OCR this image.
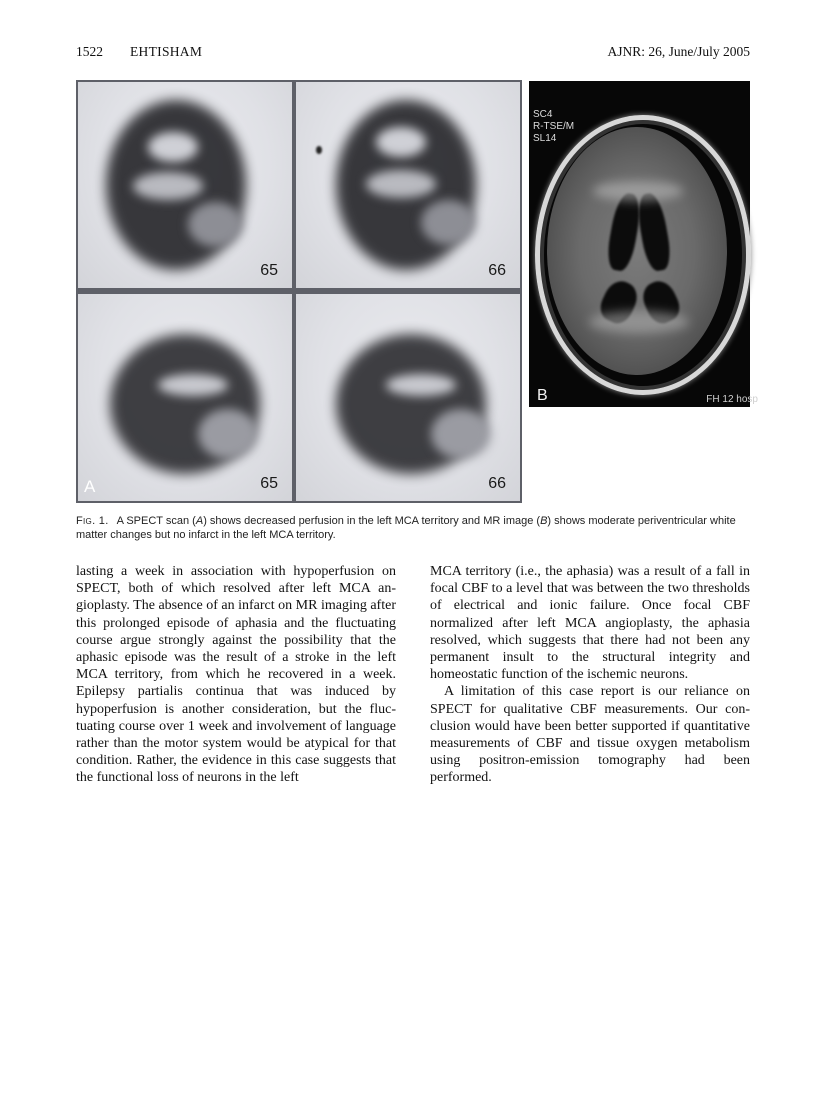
1522 EHTISHAM	AJNR: 26, June/July 2005
65	66
65
A	66
SC4
R-TSE/M
SL14
B	FH 12 hosp
Fig. 1. A SPECT scan (A) shows decreased perfusion in the left MCA territory and MR image (B) shows moderate periventricular white matter changes but no infarct in the left MCA territory.

lasting a week in association with hypoperfusion on SPECT, both of which resolved after left MCA angioplasty. The absence of an infarct on MR imaging after this prolonged episode of aphasia and the fluctuating course argue strongly against the possibility that the aphasic episode was the result of a stroke in the left MCA territory, from which he recovered in a week. Epilepsy partialis continua that was induced by hypoperfusion is another consideration, but the fluctuating course over 1 week and involvement of language rather than the motor system would be atypical for that condition. Rather, the evidence in this case suggests that the functional loss of neurons in the left

MCA territory (i.e., the aphasia) was a result of a fall in focal CBF to a level that was between the two thresholds of electrical and ionic failure. Once focal CBF normalized after left MCA angioplasty, the aphasia resolved, which suggests that there had not been any permanent insult to the structural integrity and homeostatic function of the ischemic neurons.

A limitation of this case report is our reliance on SPECT for qualitative CBF measurements. Our conclusion would have been better supported if quantitative measurements of CBF and tissue oxygen metabolism using positron-emission tomography had been performed.
